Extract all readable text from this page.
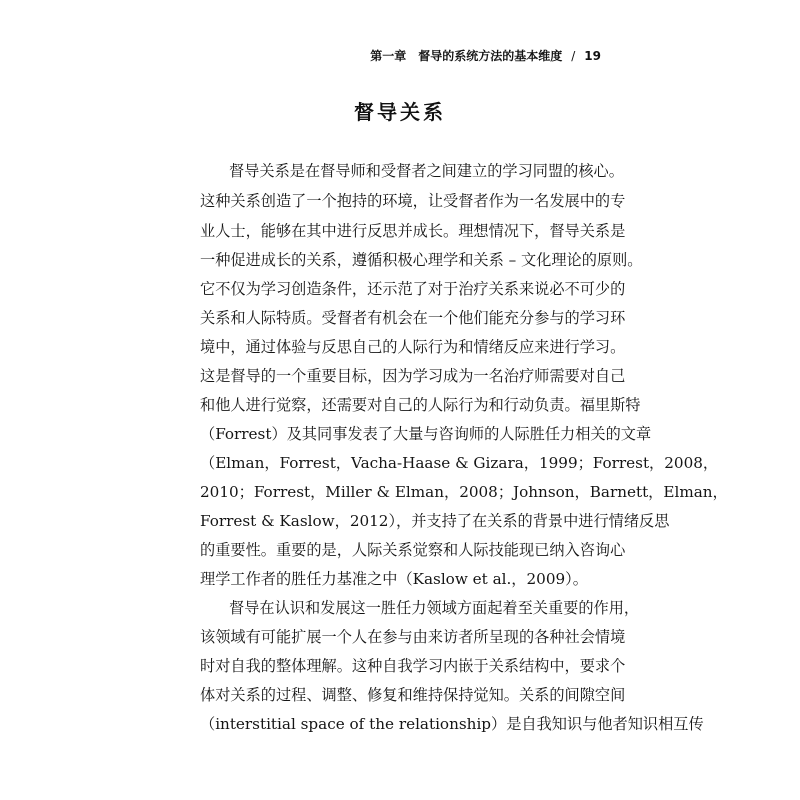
第一章　督导的系统方法的基本维度 / 19
督导关系
督导关系是在督导师和受督者之间建立的学习同盟的核心。
这种关系创造了一个抱持的环境，让受督者作为一名发展中的专
业人士，能够在其中进行反思并成长。理想情况下，督导关系是
一种促进成长的关系，遵循积极心理学和关系 – 文化理论的原则。
它不仅为学习创造条件，还示范了对于治疗关系来说必不可少的
关系和人际特质。受督者有机会在一个他们能充分参与的学习环
境中，通过体验与反思自己的人际行为和情绪反应来进行学习。
这是督导的一个重要目标，因为学习成为一名治疗师需要对自己
和他人进行觉察，还需要对自己的人际行为和行动负责。福里斯特
（Forrest）及其同事发表了大量与咨询师的人际胜任力相关的文章
（Elman，Forrest，Vacha-Haase & Gizara，1999；Forrest，2008，
2010；Forrest，Miller & Elman，2008；Johnson，Barnett，Elman，
Forrest & Kaslow，2012），并支持了在关系的背景中进行情绪反思
的重要性。重要的是，人际关系觉察和人际技能现已纳入咨询心
理学工作者的胜任力基准之中（Kaslow et al.，2009）。
督导在认识和发展这一胜任力领域方面起着至关重要的作用，
该领域有可能扩展一个人在参与由来访者所呈现的各种社会情境
时对自我的整体理解。这种自我学习内嵌于关系结构中，要求个
体对关系的过程、调整、修复和维持保持觉知。关系的间隙空间
（interstitial space of the relationship）是自我知识与他者知识相互传
